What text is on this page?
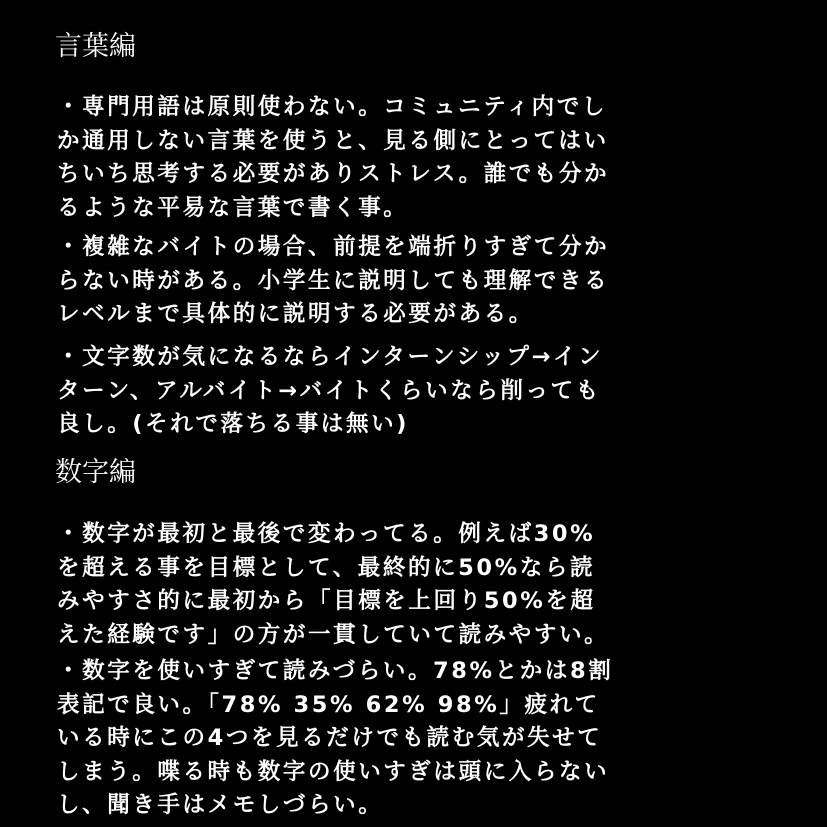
言葉編
・専門用語は原則使わない。コミュニティ内でし
か通用しない言葉を使うと、見る側にとってはい
ちいち思考する必要がありストレス。誰でも分か
るような平易な言葉で書く事。
・複雑なバイトの場合、前提を端折りすぎて分か
らない時がある。小学生に説明しても理解できる
レベルまで具体的に説明する必要がある。
・文字数が気になるならインターンシップ→イン
ターン、アルバイト→バイトくらいなら削っても
良し。(それで落ちる事は無い)
数字編
・数字が最初と最後で変わってる。例えば30%
を超える事を目標として、最終的に50%なら読
みやすさ的に最初から「目標を上回り50%を超
えた経験です」の方が一貫していて読みやすい。
・数字を使いすぎて読みづらい。78%とかは8割
表記で良い。「78% 35% 62% 98%」疲れて
いる時にこの4つを見るだけでも読む気が失せて
しまう。喋る時も数字の使いすぎは頭に入らない
し、聞き手はメモしづらい。
